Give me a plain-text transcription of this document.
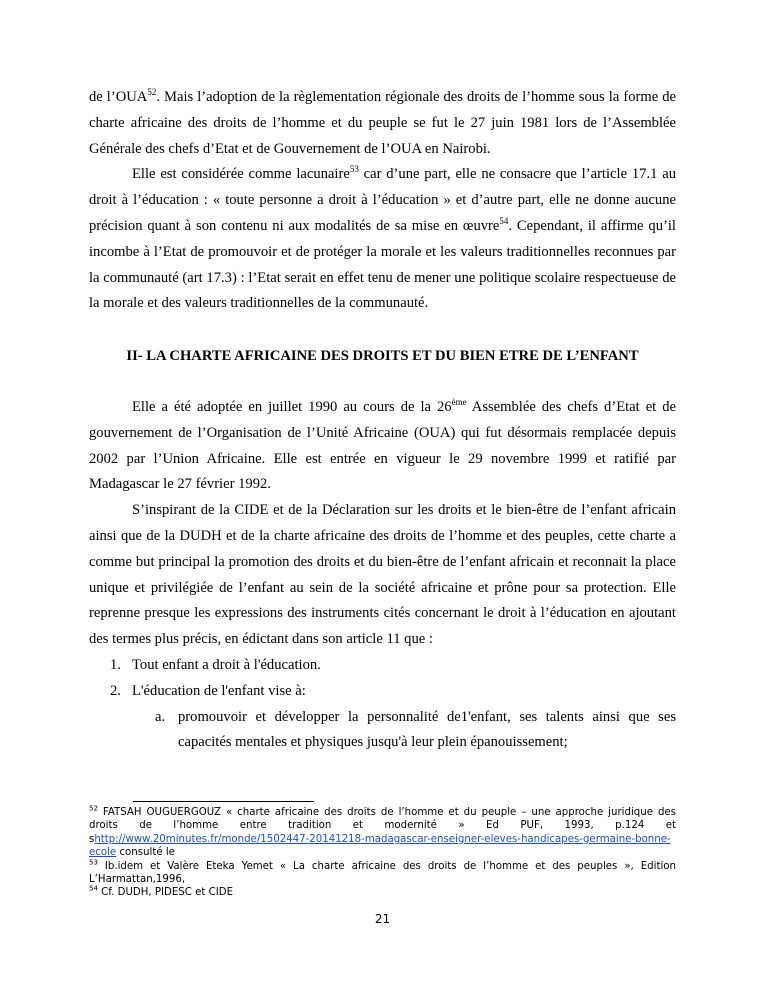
de l’OUA$^{52}$. Mais l’adoption de la règlementation régionale des droits de l’homme sous la forme de charte africaine des droits de l’homme et du peuple se fut le 27 juin 1981 lors de l’Assemblée Générale des chefs d’Etat et de Gouvernement de l’OUA en Nairobi.

Elle est considérée comme lacunaire$^{53}$ car d’une part, elle ne consacre que l’article 17.1 au droit à l’éducation : « toute personne a droit à l’éducation » et d’autre part, elle ne donne aucune précision quant à son contenu ni aux modalités de sa mise en œuvre$^{54}$. Cependant, il affirme qu’il incombe à l’Etat de promouvoir et de protéger la morale et les valeurs traditionnelles reconnues par la communauté (art 17.3) : l’Etat serait en effet tenu de mener une politique scolaire respectueuse de la morale et des valeurs traditionnelles de la communauté.

II- LA CHARTE AFRICAINE DES DROITS ET DU BIEN ETRE DE L’ENFANT

Elle a été adoptée en juillet 1990 au cours de la 26ème Assemblée des chefs d’Etat et de gouvernement de l’Organisation de l’Unité Africaine (OUA) qui fut désormais remplacée depuis 2002 par l’Union Africaine. Elle est entrée en vigueur le 29 novembre 1999 et ratifié par Madagascar le 27 février 1992.

S’inspirant de la CIDE et de la Déclaration sur les droits et le bien-être de l’enfant africain ainsi que de la DUDH et de la charte africaine des droits de l’homme et des peuples, cette charte a comme but principal la promotion des droits et du bien-être de l’enfant africain et reconnait la place unique et privilégiée de l’enfant au sein de la société africaine et prône pour sa protection. Elle reprenne presque les expressions des instruments cités concernant le droit à l’éducation en ajoutant des termes plus précis, en édictant dans son article 11 que :

1. Tout enfant a droit à l'éducation.
2. L'éducation de l'enfant vise à:
a. promouvoir et développer la personnalité de1'enfant, ses talents ainsi que ses capacités mentales et physiques jusqu'à leur plein épanouissement;

$^{52}$ FATSAH OUGUERGOUZ « charte africaine des droits de l’homme et du peuple – une approche juridique des droits de l’homme entre tradition et modernité » Ed PUF, 1993, p.124 et shttp://www.20minutes.fr/monde/1502447-20141218-madagascar-enseigner-eleves-handicapes-germaine-bonne-ecole consulté le

$^{53}$ Ib.idem et Valère Eteka Yemet « La charte africaine des droits de l’homme et des peuples », Edition L’Harmattan,1996,

$^{54}$ Cf. DUDH, PIDESC et CIDE

21
